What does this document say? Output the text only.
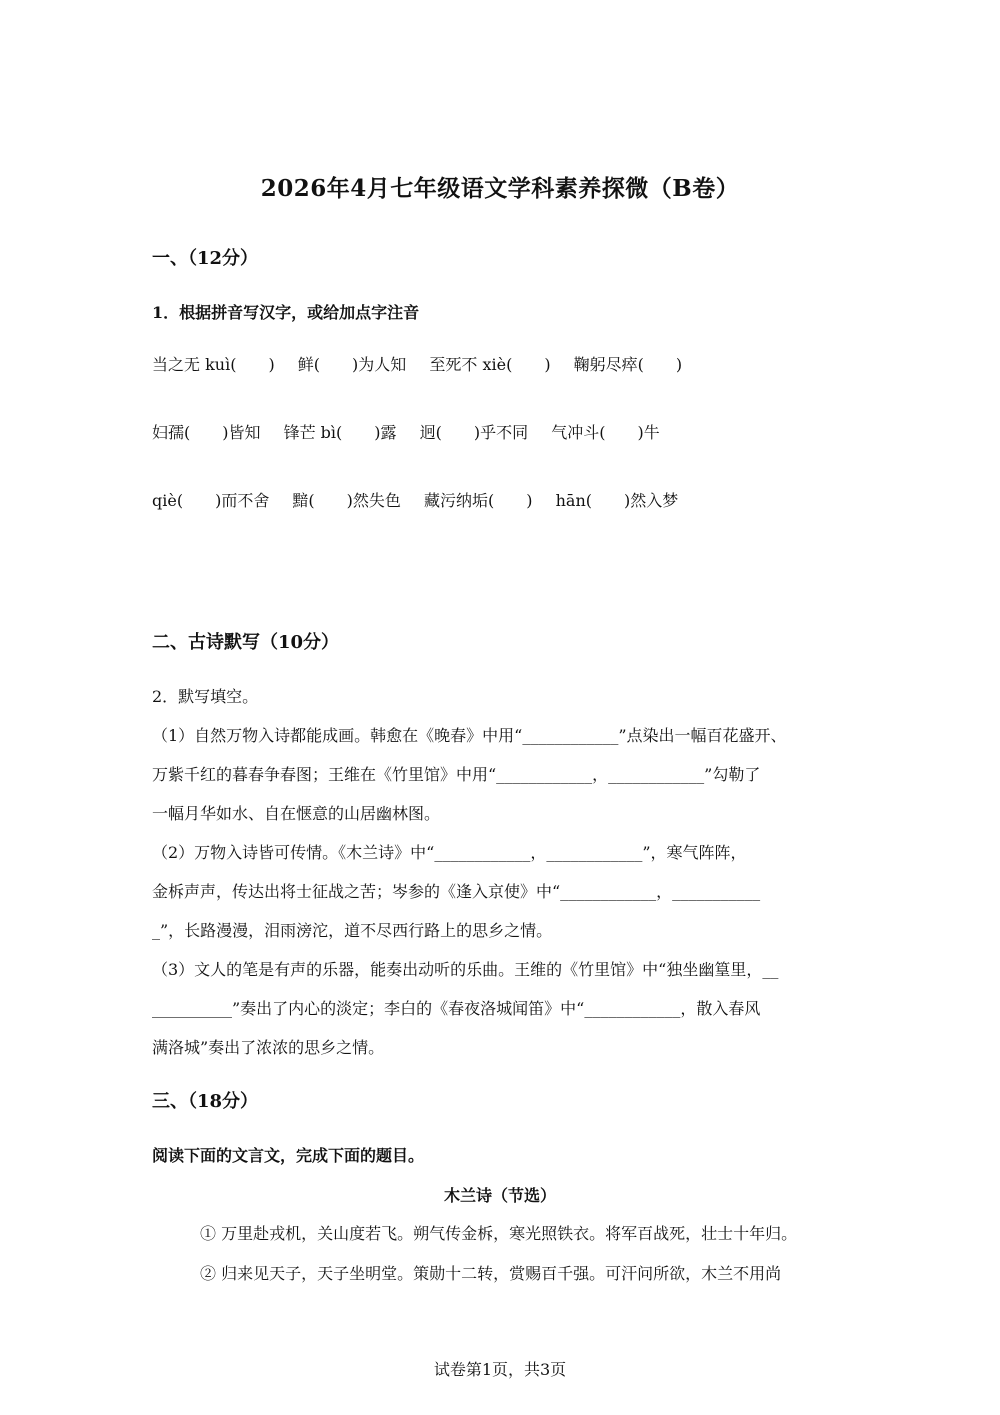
2026年4月七年级语文学科素养探微（B卷）
一、（12分）
1．根据拼音写汉字，或给加点字注音
当之无 kuì(　　) 鲜(　　)为人知 至死不 xiè(　　) 鞠躬尽瘁(　　)
妇孺(　　)皆知 锋芒 bì(　　)露 迥(　　)乎不同 气冲斗(　　)牛
qiè(　　)而不舍 黯(　　)然失色 藏污纳垢(　　) hān(　　)然入梦
二、古诗默写（10分）
2．默写填空。
（1）自然万物入诗都能成画。韩愈在《晚春》中用“____________”点染出一幅百花盛开、
万紫千红的暮春争春图；王维在《竹里馆》中用“____________，____________”勾勒了
一幅月华如水、自在惬意的山居幽林图。
（2）万物入诗皆可传情。《木兰诗》中“____________，____________”，寒气阵阵，
金柝声声，传达出将士征战之苦；岑参的《逢入京使》中“____________，___________
_”，长路漫漫，泪雨滂沱，道不尽西行路上的思乡之情。
（3）文人的笔是有声的乐器，能奏出动听的乐曲。王维的《竹里馆》中“独坐幽篁里，__
__________”奏出了内心的淡定；李白的《春夜洛城闻笛》中“____________，散入春风
满洛城”奏出了浓浓的思乡之情。
三、（18分）
阅读下面的文言文，完成下面的题目。
木兰诗（节选）
① 万里赴戎机，关山度若飞。朔气传金柝，寒光照铁衣。将军百战死，壮士十年归。
② 归来见天子，天子坐明堂。策勋十二转，赏赐百千强。可汗问所欲，木兰不用尚
试卷第1页，共3页
